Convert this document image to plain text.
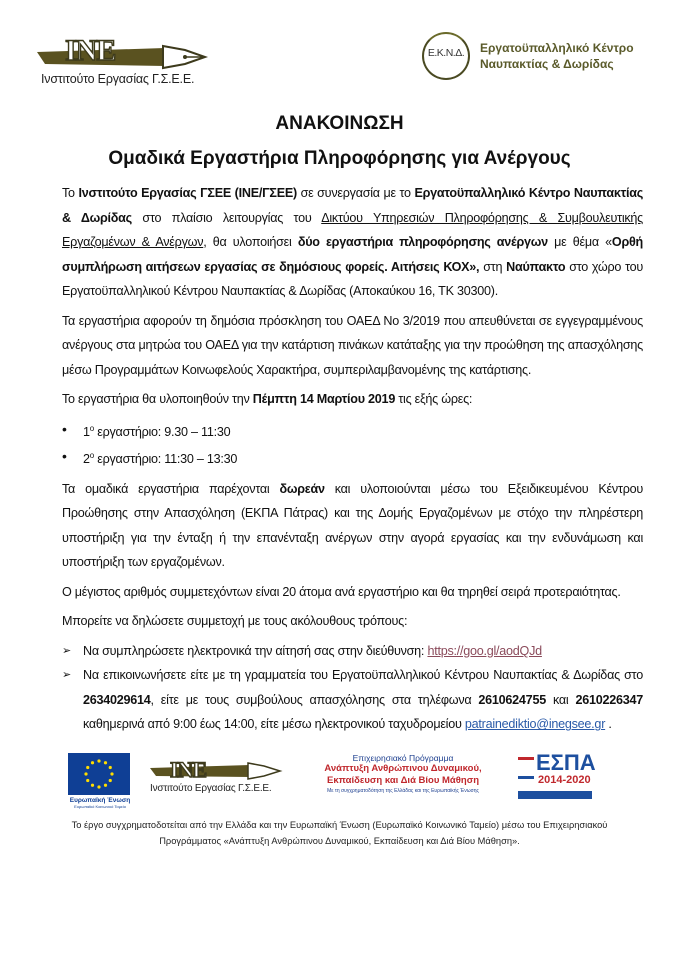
INE
Ινστιτούτο Εργασίας Γ.Σ.Ε.Ε.
Ε.Κ.Ν.Δ.	Εργατοϋπαλληλικό Κέντρο
Ναυπακτίας & Δωρίδας
ΑΝΑΚΟΙΝΩΣΗ
Ομαδικά Εργαστήρια Πληροφόρησης για Ανέργους

Το Ινστιτούτο Εργασίας ΓΣΕΕ (ΙΝΕ/ΓΣΕΕ) σε συνεργασία με το Εργατοϋπαλληλικό Κέντρο Ναυπακτίας & Δωρίδας στο πλαίσιο λειτουργίας του Δικτύου Υπηρεσιών Πληροφόρησης & Συμβουλευτικής Εργαζομένων & Ανέργων, θα υλοποιήσει δύο εργαστήρια πληροφόρησης ανέργων με θέμα «Ορθή συμπλήρωση αιτήσεων εργασίας σε δημόσιους φορείς. Αιτήσεις ΚΟΧ», στη Ναύπακτο στο χώρο του Εργατοϋπαλληλικού Κέντρου Ναυπακτίας & Δωρίδας (Αποκαύκου 16, ΤΚ 30300).

Τα εργαστήρια αφορούν τη δημόσια πρόσκληση του ΟΑΕΔ Νο 3/2019 που απευθύνεται σε εγγεγραμμένους ανέργους στα μητρώα του ΟΑΕΔ για την κατάρτιση πινάκων κατάταξης για την προώθηση της απασχόλησης μέσω Προγραμμάτων Κοινωφελούς Χαρακτήρα, συμπεριλαμβανομένης της κατάρτισης.

Το εργαστήρια θα υλοποιηθούν την Πέμπτη 14 Μαρτίου 2019 τις εξής ώρες:

• $1^o$ εργαστήριο: 9.30 – 11:30
• $2^o$ εργαστήριο: 11:30 – 13:30

Τα ομαδικά εργαστήρια παρέχονται δωρεάν και υλοποιούνται μέσω του Εξειδικευμένου Κέντρου Προώθησης στην Απασχόληση (ΕΚΠΑ Πάτρας) και της Δομής Εργαζομένων με στόχο την πληρέστερη υποστήριξη για την ένταξη ή την επανένταξη ανέργων στην αγορά εργασίας και την ενδυνάμωση και υποστήριξη των εργαζομένων.

Ο μέγιστος αριθμός συμμετεχόντων είναι 20 άτομα ανά εργαστήριο και θα τηρηθεί σειρά προτεραιότητας.

Μπορείτε να δηλώσετε συμμετοχή με τους ακόλουθους τρόπους:

➢ Να συμπληρώσετε ηλεκτρονικά την αίτησή σας στην διεύθυνση: https://goo.gl/aodQJd
➢ Να επικοινωνήσετε είτε με τη γραμματεία του Εργατοϋπαλληλικού Κέντρου Ναυπακτίας & Δωρίδας στο 2634029614, είτε με τους συμβούλους απασχόλησης στα τηλέφωνα 2610624755 και 2610226347 καθημερινά από 9:00 έως 14:00, είτε μέσω ηλεκτρονικού ταχυδρομείου patrainediktio@inegsee.gr .
Ευρωπαϊκή Ένωση
Ευρωπαϊκό Κοινωνικό Ταμείο
INE
Ινστιτούτο Εργασίας Γ.Σ.Ε.Ε.
Επιχειρησιακό Πρόγραμμα
Ανάπτυξη Ανθρώπινου Δυναμικού,
Εκπαίδευση και Διά Βίου Μάθηση
Με τη συγχρηματοδότηση της Ελλάδας και της Ευρωπαϊκής Ένωσης
ΕΣΠΑ
2014-2020
Το έργο συγχρηματοδοτείται από την Ελλάδα και την Ευρωπαϊκή Ένωση (Ευρωπαϊκό Κοινωνικό Ταμείο) μέσω του Επιχειρησιακού
Προγράμματος «Ανάπτυξη Ανθρώπινου Δυναμικού, Εκπαίδευση και Διά Βίου Μάθηση».
